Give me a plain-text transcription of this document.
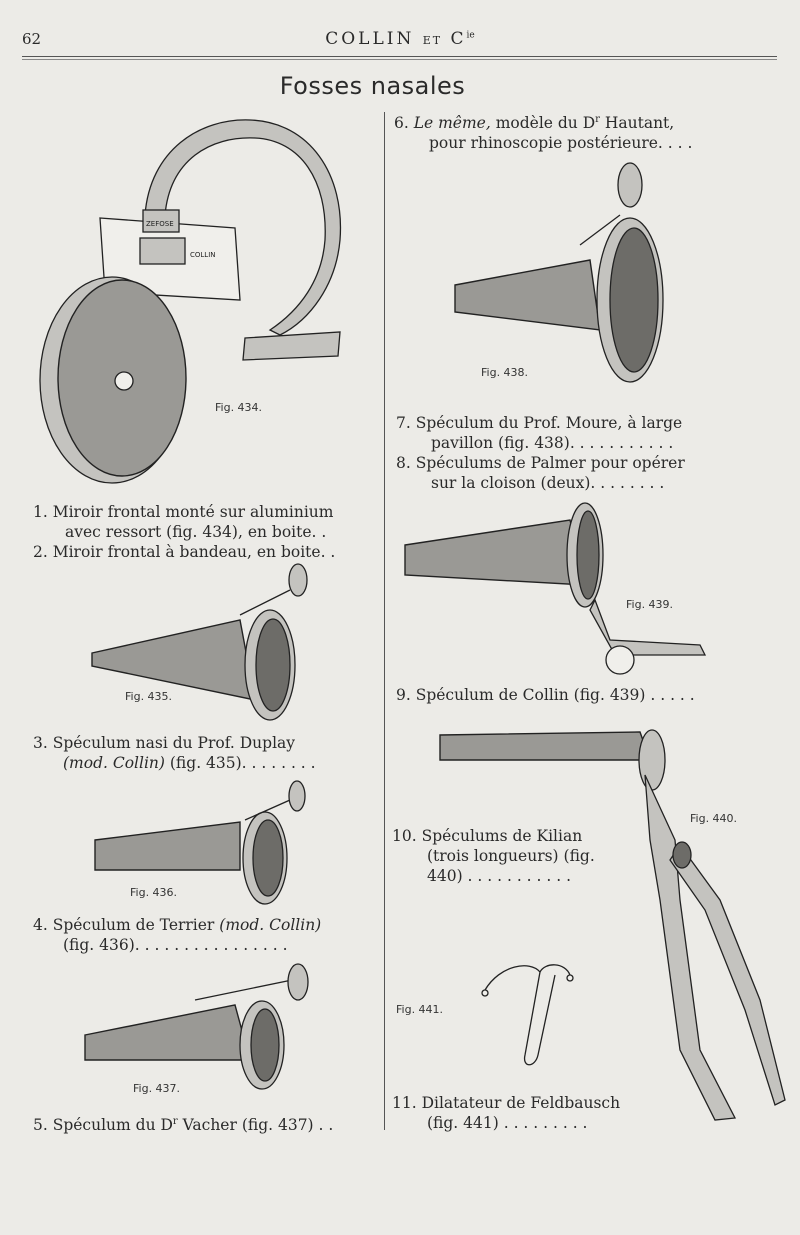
62	COLLIN ET $C^{ie}$
Fosses nasales
COLLIN
ZEFOSE
Fig. 434.
Fig. 435.
Fig. 436.
Fig. 437.
Fig. 438.
Fig. 439.
Fig. 440.
Fig. 441.
1. Miroir frontal monté sur aluminium
avec ressort (fig. 434), en boite. .
2. Miroir frontal à bandeau, en boite. .
3. Spéculum nasi du Prof. Duplay
(mod. Collin) (fig. 435). . . . . . . .
4. Spéculum de Terrier (mod. Collin)
(fig. 436). . . . . . . . . . . . . . . .
5. Spéculum du $D^r$ Vacher (fig. 437) . .
6. Le même, modèle du $D^r$ Hautant,
pour rhinoscopie postérieure. . . .
7. Spéculum du Prof. Moure, à large
pavillon (fig. 438). . . . . . . . . . .
8. Spéculums de Palmer pour opérer
sur la cloison (deux). . . . . . . .
9. Spéculum de Collin (fig. 439) . . . . .
10. Spéculums de Kilian
(trois longueurs) (fig.
440) . . . . . . . . . . .
11. Dilatateur de Feldbausch
(fig. 441) . . . . . . . . .
